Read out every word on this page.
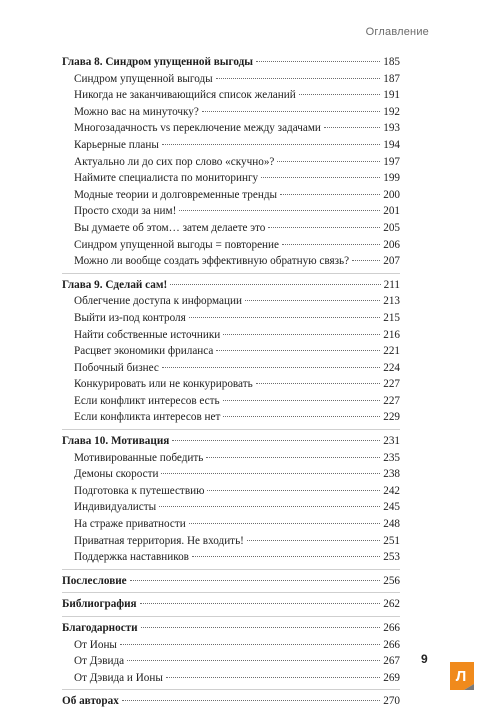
Оглавление
Глава 8. Синдром упущенной выгоды	185
Синдром упущенной выгоды	187
Никогда не заканчивающийся список желаний	191
Можно вас на минуточку?	192
Многозадачность vs переключение между задачами	193
Карьерные планы	194
Актуально ли до сих пор слово «скучно»?	197
Наймите специалиста по мониторингу	199
Модные теории и долговременные тренды	200
Просто сходи за ним!	201
Вы думаете об этом… затем делаете это	205
Синдром упущенной выгоды = повторение	206
Можно ли вообще создать эффективную обратную связь?	207
Глава 9. Сделай сам!	211
Облегчение доступа к информации	213
Выйти из-под контроля	215
Найти собственные источники	216
Расцвет экономики фриланса	221
Побочный бизнес	224
Конкурировать или не конкурировать	227
Если конфликт интересов есть	227
Если конфликта интересов нет	229
Глава 10. Мотивация	231
Мотивированные победить	235
Демоны скорости	238
Подготовка к путешествию	242
Индивидуалисты	245
На страже приватности	248
Приватная территория. Не входить!	251
Поддержка наставников	253
Послесловие	256
Библиография	262
Благодарности	266
От Ионы	266
От Дэвида	267
От Дэвида и Ионы	269
Об авторах	270
9
Л
